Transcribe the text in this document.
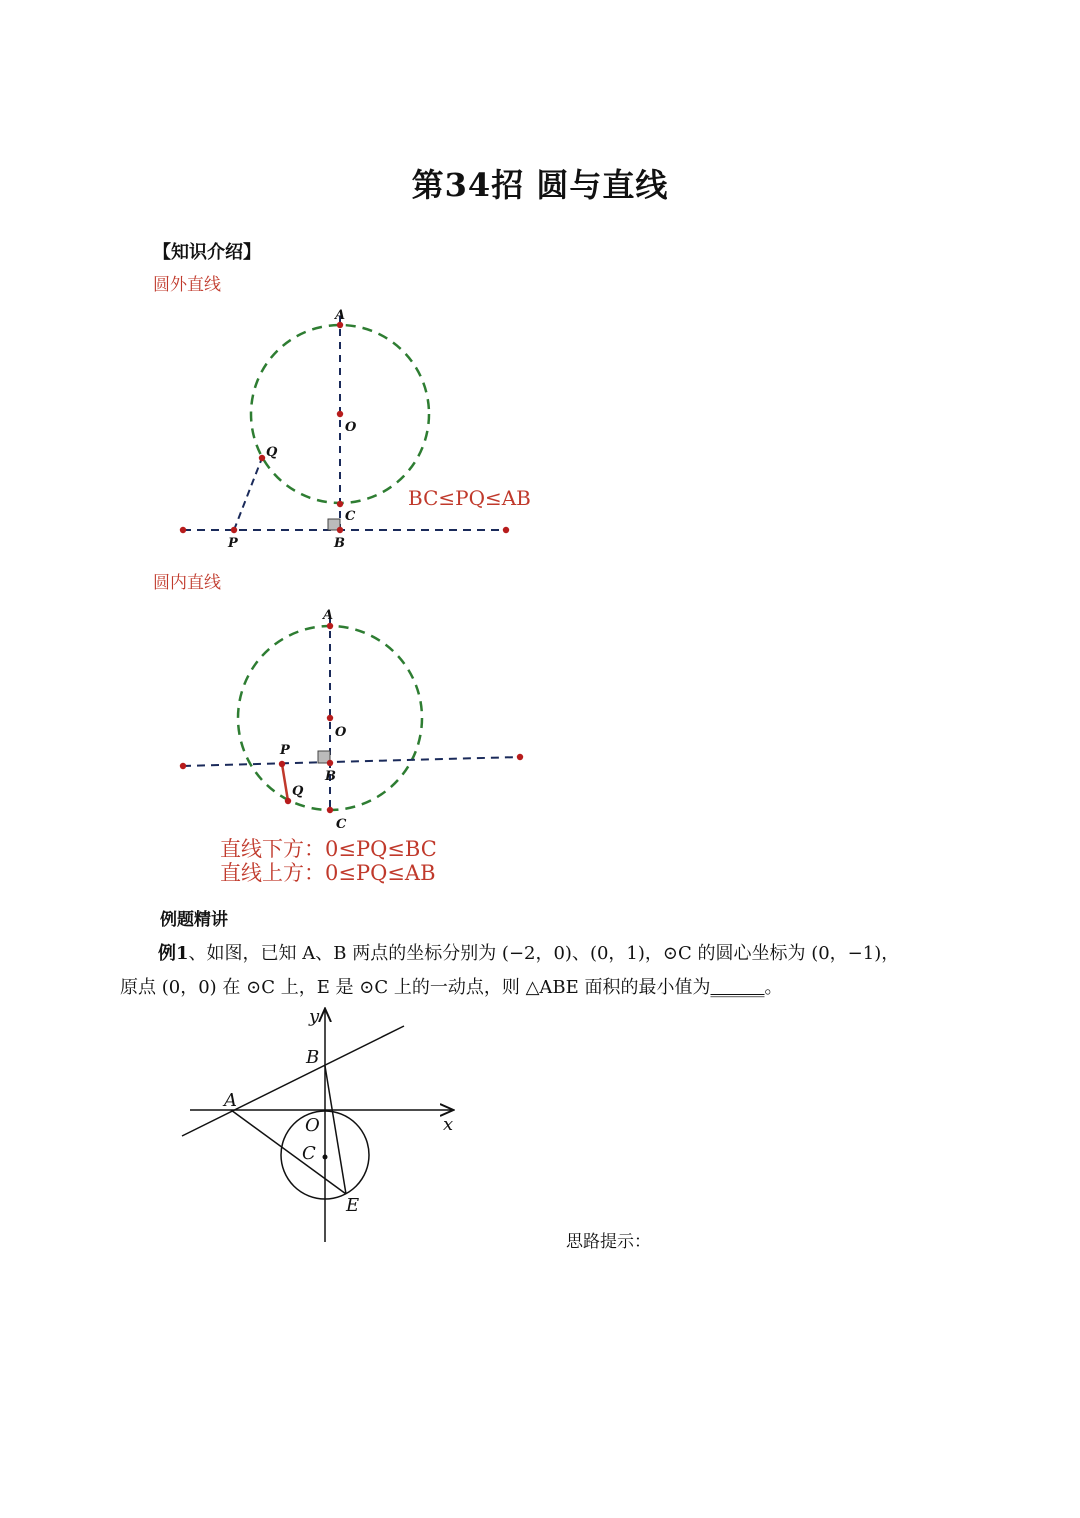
第34招 圆与直线
【知识介绍】
圆外直线
A
O
Q
C
P	B
BC≤PQ≤AB
圆内直线
A
O
P
B
Q
C
直线下方：0≤PQ≤BC
直线上方：0≤PQ≤AB
例题精讲
例1、如图，已知 A、B 两点的坐标分别为 (−2，0)、(0，1)，⊙C 的圆心坐标为 (0，−1)，
原点 (0，0) 在 ⊙C 上，E 是 ⊙C 上的一动点，则 △ABE 面积的最小值为______。
y
x
A
B
O
C
E
思路提示：
